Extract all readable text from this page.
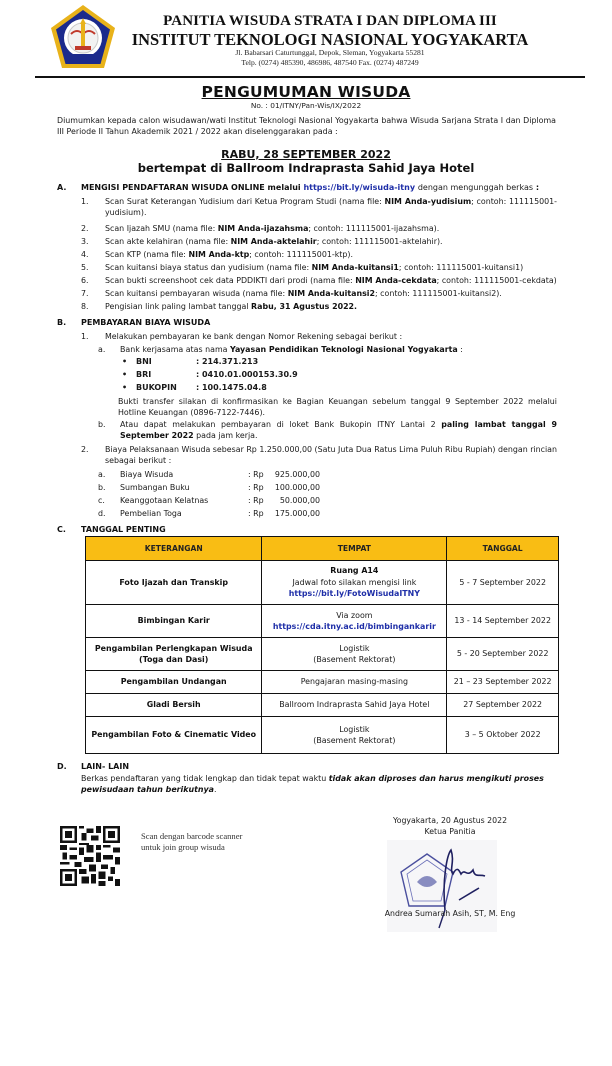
PANITIA WISUDA STRATA I DAN DIPLOMA III
INSTITUT TEKNOLOGI NASIONAL YOGYAKARTA
Jl. Babarsari Caturtunggal, Depok, Sleman, Yogyakarta 55281
Telp. (0274) 485390, 486986, 487540 Fax. (0274) 487249
PENGUMUMAN WISUDA
No. : 01/ITNY/Pan-Wis/IX/2022
Diumumkan kepada calon wisudawan/wati Institut Teknologi Nasional Yogyakarta bahwa Wisuda Sarjana Strata I dan Diploma III Periode II Tahun Akademik 2021 / 2022 akan diselenggarakan pada :
RABU, 28 SEPTEMBER 2022
bertempat di Ballroom Indraprasta Sahid Jaya Hotel
A. MENGISI PENDAFTARAN WISUDA ONLINE melalui https://bit.ly/wisuda-itny dengan mengunggah berkas :
1. Scan Surat Keterangan Yudisium dari Ketua Program Studi (nama file: NIM Anda-yudisium; contoh: 111115001-yudisium).
2. Scan Ijazah SMU (nama file: NIM Anda-ijazahsma; contoh: 111115001-ijazahsma).
3. Scan akte kelahiran (nama file: NIM Anda-aktelahir; contoh: 111115001-aktelahir).
4. Scan KTP (nama file: NIM Anda-ktp; contoh: 111115001-ktp).
5. Scan kuitansi biaya status dan yudisium (nama file: NIM Anda-kuitansi1; contoh: 111115001-kuitansi1)
6. Scan bukti screenshoot cek data PDDIKTI dari prodi (nama file: NIM Anda-cekdata; contoh: 111115001-cekdata)
7. Scan kuitansi pembayaran wisuda (nama file: NIM Anda-kuitansi2; contoh: 111115001-kuitansi2).
8. Pengisian link paling lambat tanggal Rabu, 31 Agustus 2022.
B. PEMBAYARAN BIAYA WISUDA
1. Melakukan pembayaran ke bank dengan Nomor Rekening sebagai berikut :
a. Bank kerjasama atas nama Yayasan Pendidikan Teknologi Nasional Yogyakarta :
• BNI	: 214.371.213
• BRI	: 0410.01.000153.30.9
• BUKOPIN	: 100.1475.04.8
Bukti transfer silakan di konfirmasikan ke Bagian Keuangan sebelum tanggal 9 September 2022 melalui Hotline Keuangan (0896-7122-7446).
b. Atau dapat melakukan pembayaran di loket Bank Bukopin ITNY Lantai 2 paling lambat tanggal 9 September 2022 pada jam kerja.
2. Biaya Pelaksanaan Wisuda sebesar Rp 1.250.000,00 (Satu Juta Dua Ratus Lima Puluh Ribu Rupiah) dengan rincian sebagai berikut :
a. Biaya Wisuda	: Rp	925.000,00
b. Sumbangan Buku	: Rp	100.000,00
c. Keanggotaan Kelatnas	: Rp	50.000,00
d. Pembelian Toga	: Rp	175.000,00
C. TANGGAL PENTING
KETERANGAN	TEMPAT	TANGGAL
Foto Ijazah dan Transkip	Ruang A14
Jadwal foto silakan mengisi link
https://bit.ly/FotoWisudaITNY	5 - 7 September 2022
Bimbingan Karir	Via zoom
https://cda.itny.ac.id/bimbingankarir	13 - 14 September 2022
Pengambilan Perlengkapan Wisuda (Toga dan Dasi)	Logistik
(Basement Rektorat)	5 - 20 September 2022
Pengambilan Undangan	Pengajaran masing-masing	21 – 23 September 2022
Gladi Bersih	Ballroom Indraprasta Sahid Jaya Hotel	27 September 2022
Pengambilan Foto & Cinematic Video	Logistik
(Basement Rektorat)	3 – 5 Oktober 2022
D. LAIN- LAIN
Berkas pendaftaran yang tidak lengkap dan tidak tepat waktu tidak akan diproses dan harus mengikuti proses pewisudaan tahun berikutnya.
Scan dengan barcode scanner untuk join group wisuda
Yogyakarta, 20 Agustus 2022
Ketua Panitia
Andrea Sumarah Asih, ST, M. Eng
